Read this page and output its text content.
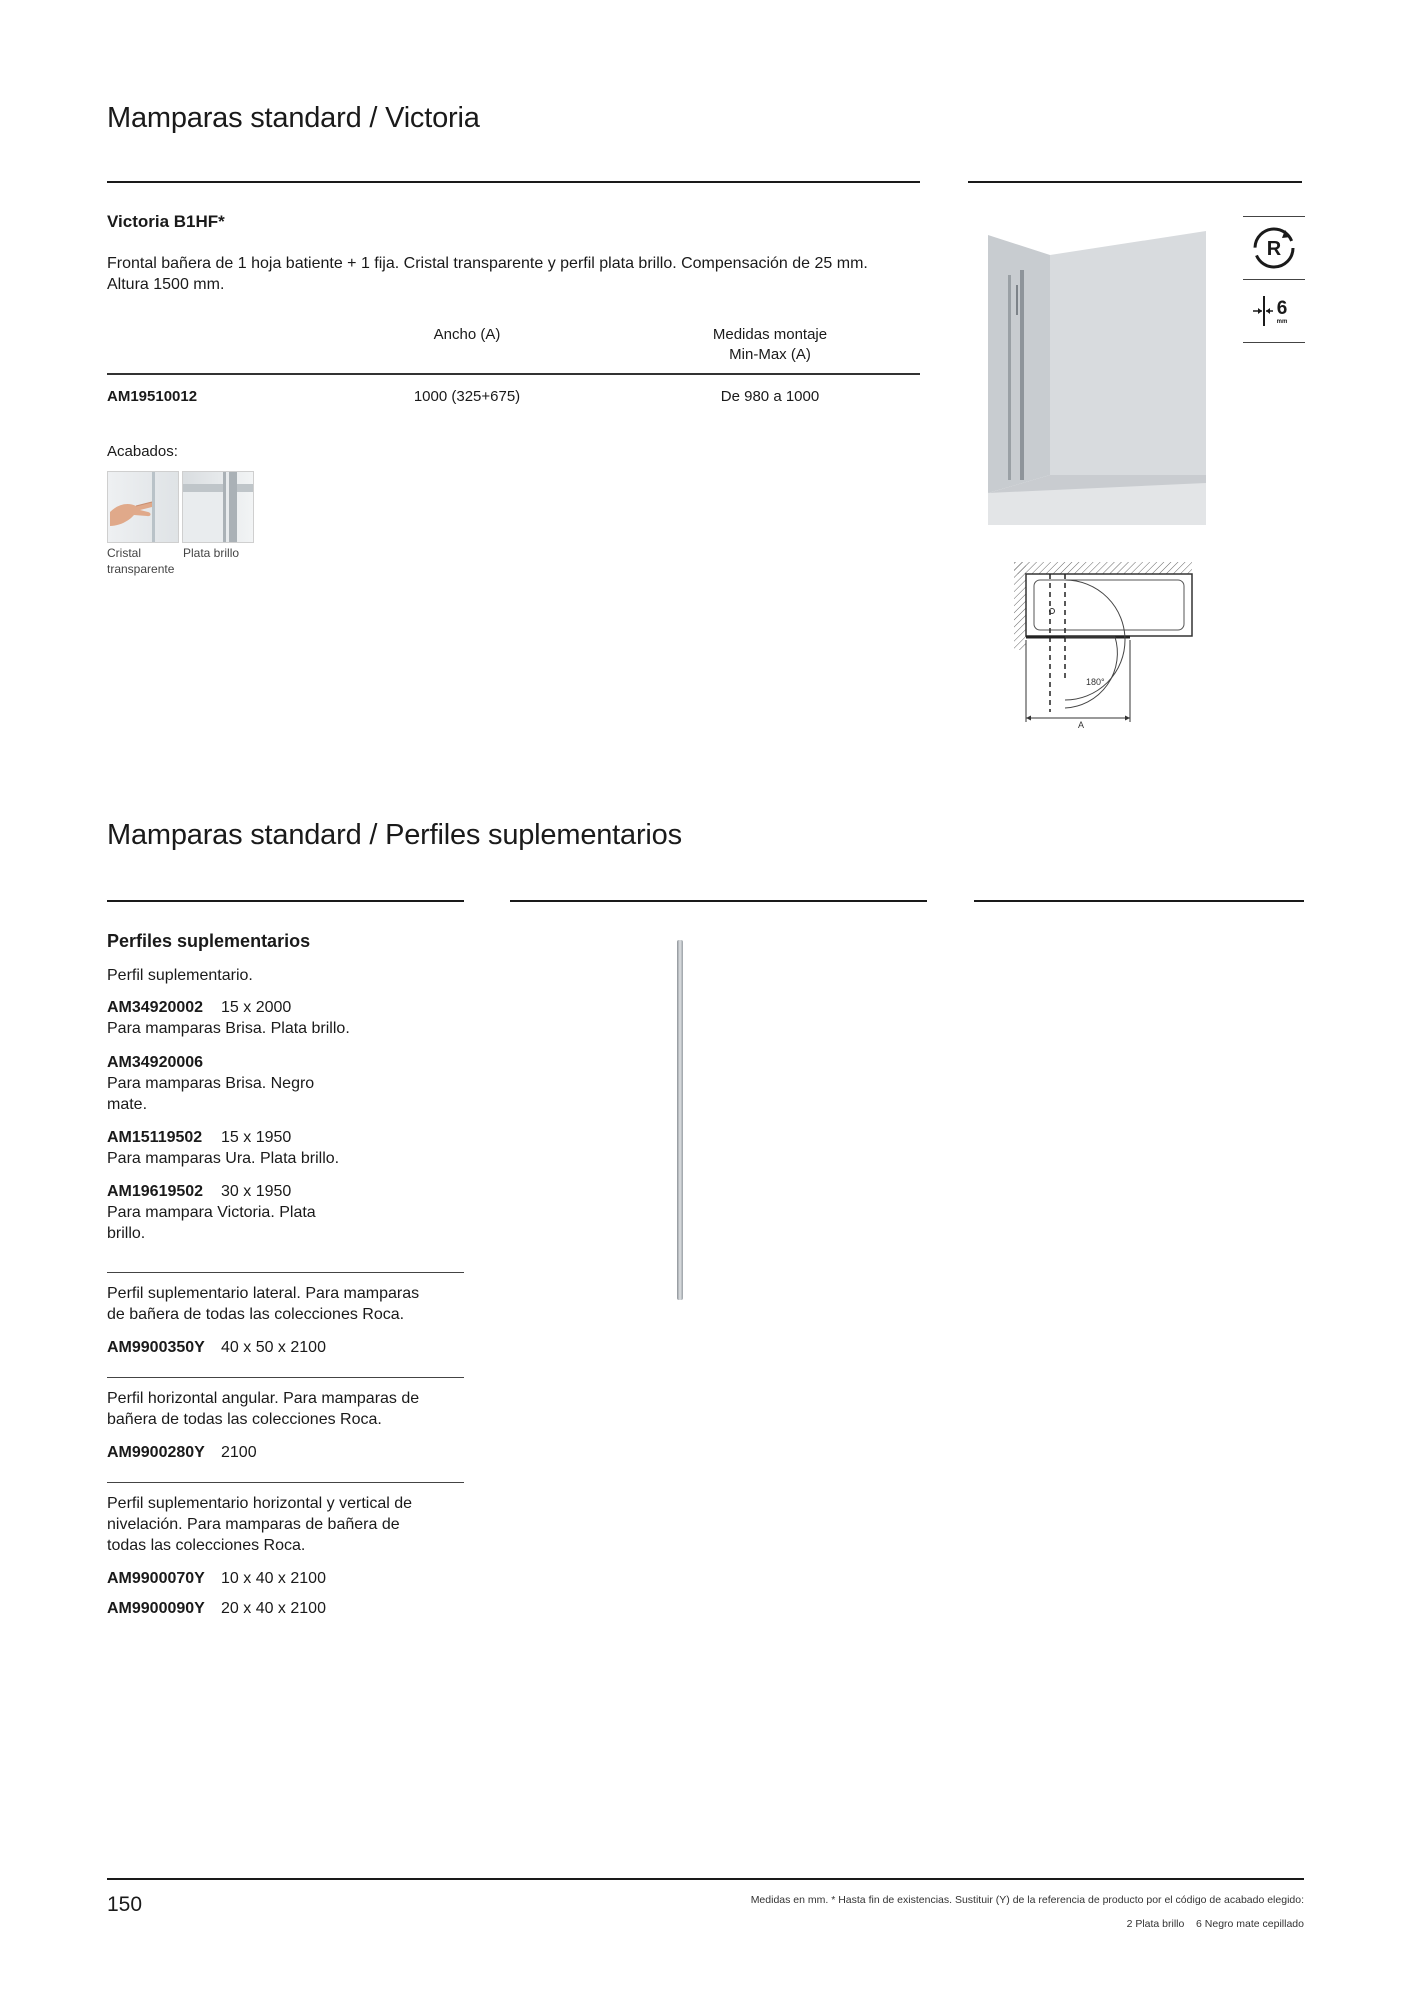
Mamparas standard / Victoria
Victoria B1HF*
Frontal bañera de 1 hoja batiente + 1 fija. Cristal transparente y perfil plata brillo. Compensación de 25 mm. Altura 1500 mm.
Ancho (A)	Medidas montaje
Min-Max (A)
AM19510012	1000 (325+675)	De 980 a 1000
Acabados:
Cristal
transparente
Plata brillo
R
6
mm
180°
A
Mamparas standard / Perfiles suplementarios
Perfiles suplementarios
Perfil suplementario.
AM34920002 15 x 2000
Para mamparas Brisa. Plata brillo.
AM34920006
Para mamparas Brisa. Negro
mate.
AM15119502 15 x 1950
Para mamparas Ura. Plata brillo.
AM19619502 30 x 1950
Para mampara Victoria. Plata
brillo.
Perfil suplementario lateral. Para mamparas
de bañera de todas las colecciones Roca.
AM9900350Y 40 x 50 x 2100
Perfil horizontal angular. Para mamparas de
bañera de todas las colecciones Roca.
AM9900280Y 2100
Perfil suplementario horizontal y vertical de
nivelación. Para mamparas de bañera de
todas las colecciones Roca.
AM9900070Y 10 x 40 x 2100
AM9900090Y 20 x 40 x 2100
150	Medidas en mm. * Hasta fin de existencias. Sustituir (Y) de la referencia de producto por el código de acabado elegido:
2 Plata brillo    6 Negro mate cepillado
